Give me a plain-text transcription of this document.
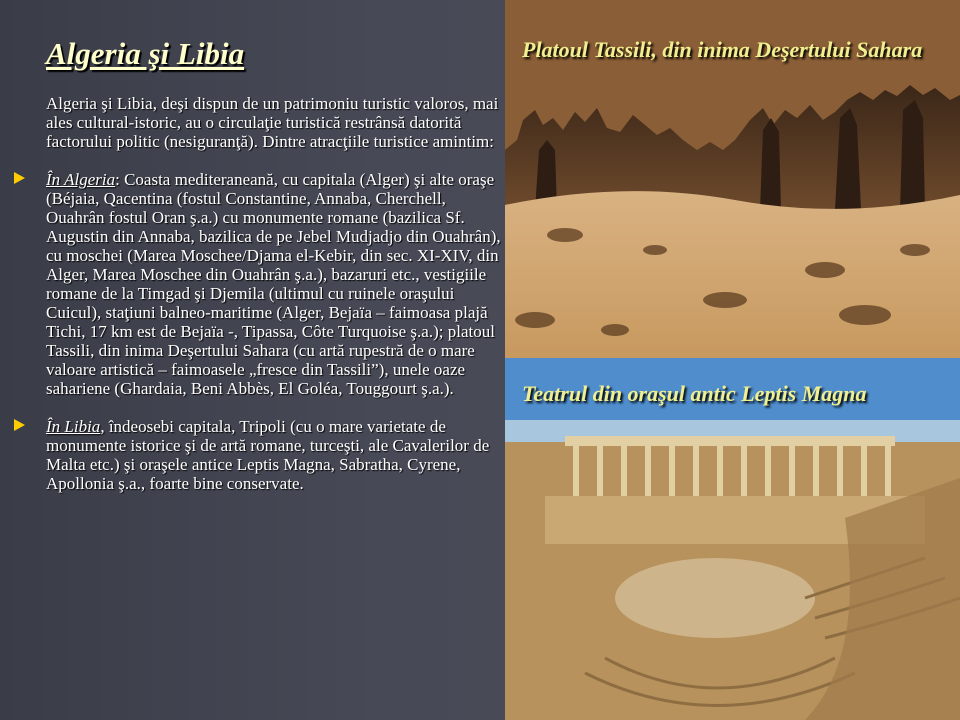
Algeria şi Libia

Algeria şi Libia, deşi dispun de un patrimoniu turistic valoros, mai ales cultural-istoric, au o circulaţie turistică restrânsă datorită factorului politic (nesiguranţă). Dintre atracţiile turistice amintim:

În Algeria: Coasta mediteraneană, cu capitala (Alger) şi alte oraşe (Béjaia, Qacentina (fostul Constantine, Annaba, Cherchell, Ouahrân fostul Oran ş.a.) cu monumente romane (bazilica Sf. Augustin din Annaba, bazilica de pe Jebel Mudjadjo din Ouahrân), cu moschei (Marea Moschee/Djama el-Kebir, din sec. XI-XIV, din Alger, Marea Moschee din Ouahrân ş.a.), bazaruri etc., vestigiile romane de la Timgad şi Djemila (ultimul cu ruinele oraşului Cuicul), staţiuni balneo-maritime (Alger, Bejaïa – faimoasa plajă Tichi, 17 km est de Bejaïa -, Tipassa, Côte Turquoise ş.a.); platoul Tassili, din inima Deşertului Sahara (cu artă rupestră de o mare valoare artistică – faimoasele „fresce din Tassili”), unele oaze sahariene (Ghardaia, Beni Abbès, El Goléa, Touggourt ş.a.).

În Libia, îndeosebi capitala, Tripoli (cu o mare varietate de monumente istorice şi de artă romane, turceşti, ale Cavalerilor de Malta etc.) şi oraşele antice Leptis Magna, Sabratha, Cyrene, Apollonia ş.a., foarte bine conservate.

Platoul Tassili, din inima Deşertului Sahara
Teatrul din oraşul antic Leptis Magna
